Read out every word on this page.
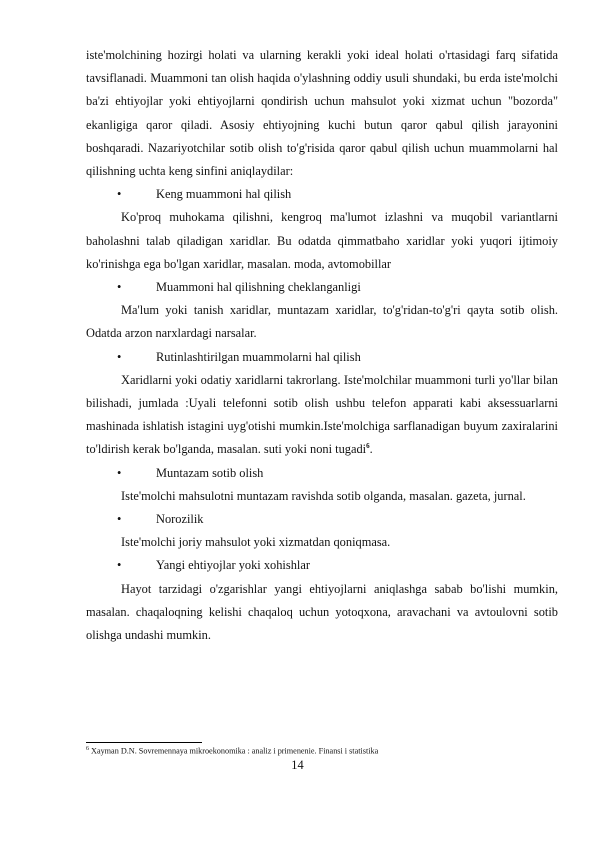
iste'molchining hozirgi holati va ularning kerakli yoki ideal holati o'rtasidagi farq sifatida tavsiflanadi. Muammoni tan olish haqida o'ylashning oddiy usuli shundaki, bu erda iste'molchi ba'zi ehtiyojlar yoki ehtiyojlarni qondirish uchun mahsulot yoki xizmat uchun "bozorda" ekanligiga qaror qiladi. Asosiy ehtiyojning kuchi butun qaror qabul qilish jarayonini boshqaradi. Nazariyotchilar sotib olish to'g'risida qaror qabul qilish uchun muammolarni hal qilishning uchta keng sinfini aniqlaydilar:

•	Keng muammoni hal qilish

Ko'proq muhokama qilishni, kengroq ma'lumot izlashni va muqobil variantlarni baholashni talab qiladigan xaridlar. Bu odatda qimmatbaho xaridlar yoki yuqori ijtimoiy ko'rinishga ega bo'lgan xaridlar, masalan. moda, avtomobillar

•	Muammoni hal qilishning cheklanganligi

Ma'lum yoki tanish xaridlar, muntazam xaridlar, to'g'ridan-to'g'ri qayta sotib olish. Odatda arzon narxlardagi narsalar.

•	Rutinlashtirilgan muammolarni hal qilish

Xaridlarni yoki odatiy xaridlarni takrorlang. Iste'molchilar muammoni turli yo'llar bilan bilishadi, jumlada :Uyali telefonni sotib olish ushbu telefon apparati kabi aksessuarlarni mashinada ishlatish istagini uyg'otishi mumkin.Iste'molchiga sarflanadigan buyum zaxiralarini to'ldirish kerak bo'lganda, masalan. suti yoki noni tugadi$^6$.

•	Muntazam sotib olish

Iste'molchi mahsulotni muntazam ravishda sotib olganda, masalan. gazeta, jurnal.

•	Norozilik

Iste'molchi joriy mahsulot yoki xizmatdan qoniqmasa.

•	Yangi ehtiyojlar yoki xohishlar

Hayot tarzidagi o'zgarishlar yangi ehtiyojlarni aniqlashga sabab bo'lishi mumkin, masalan. chaqaloqning kelishi chaqaloq uchun yotoqxona, aravachani va avtoulovni sotib olishga undashi mumkin.

$^6$ Xayman D.N. Sovremennaya mikroekonomika : analiz i primenenie. Finansi i statistika
14
